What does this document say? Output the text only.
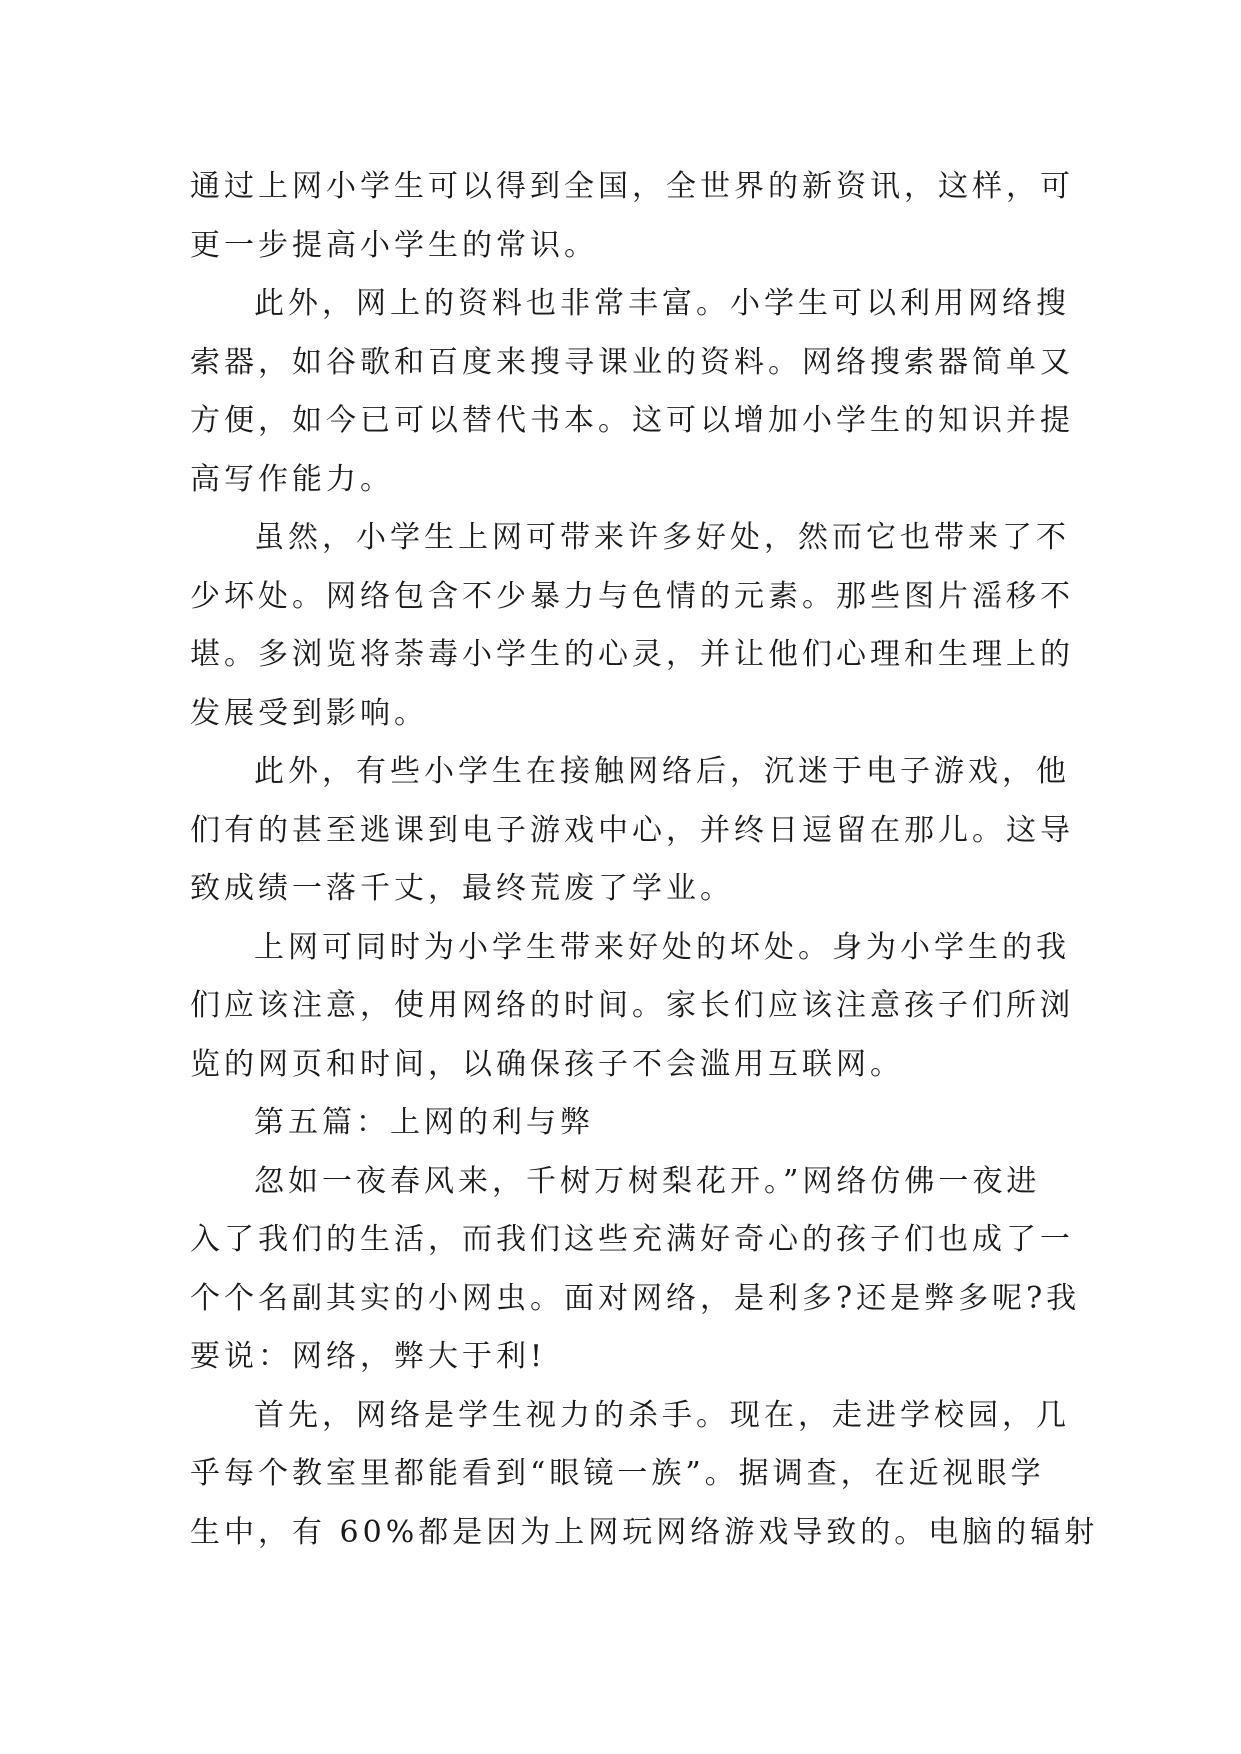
通过上网小学生可以得到全国，全世界的新资讯，这样，可
更一步提高小学生的常识。
此外，网上的资料也非常丰富。小学生可以利用网络搜
索器，如谷歌和百度来搜寻课业的资料。网络搜索器简单又
方便，如今已可以替代书本。这可以增加小学生的知识并提
高写作能力。
虽然，小学生上网可带来许多好处，然而它也带来了不
少坏处。网络包含不少暴力与色情的元素。那些图片滛移不
堪。多浏览将荼毒小学生的心灵，并让他们心理和生理上的
发展受到影响。
此外，有些小学生在接触网络后，沉迷于电子游戏，他
们有的甚至逃课到电子游戏中心，并终日逗留在那儿。这导
致成绩一落千丈，最终荒废了学业。
上网可同时为小学生带来好处的坏处。身为小学生的我
们应该注意，使用网络的时间。家长们应该注意孩子们所浏
览的网页和时间，以确保孩子不会滥用互联网。
第五篇：上网的利与弊
忽如一夜春风来，千树万树梨花开。”网络仿佛一夜进
入了我们的生活，而我们这些充满好奇心的孩子们也成了一
个个名副其实的小网虫。面对网络，是利多?还是弊多呢?我
要说：网络，弊大于利!
首先，网络是学生视力的杀手。现在，走进学校园，几
乎每个教室里都能看到“眼镜一族”。据调查，在近视眼学
生中，有 60%都是因为上网玩网络游戏导致的。电脑的辐射
